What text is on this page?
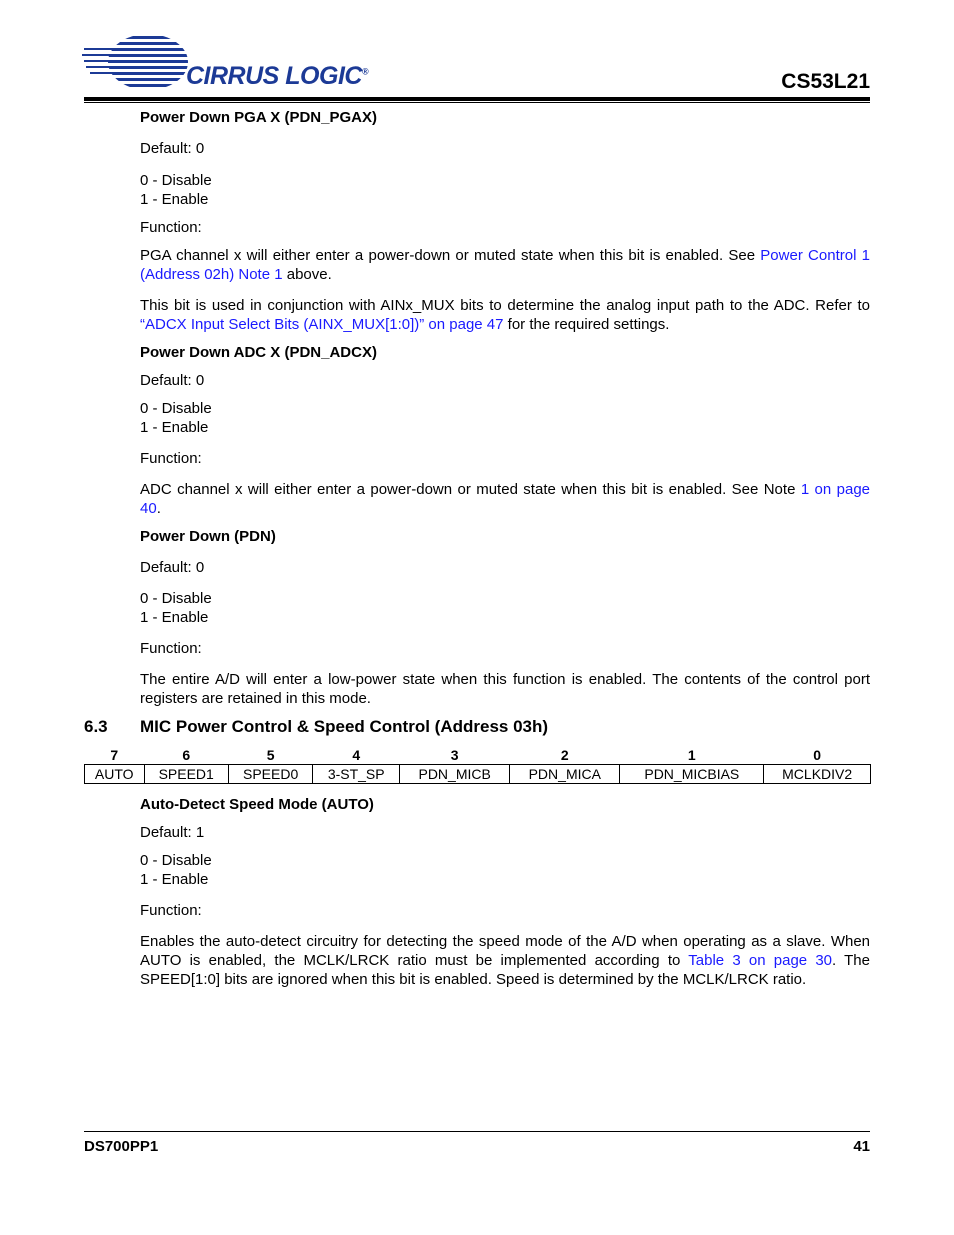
CIRRUS LOGIC®	CS53L21

Power Down PGA X (PDN_PGAX)

Default: 0

0 - Disable

1 - Enable

Function:

PGA channel x will either enter a power-down or muted state when this bit is enabled. See Power Control 1 (Address 02h) Note 1 above.

This bit is used in conjunction with AINx_MUX bits to determine the analog input path to the ADC. Refer to “ADCX Input Select Bits (AINX_MUX[1:0])” on page 47 for the required settings.

Power Down ADC X (PDN_ADCX)

Default: 0

0 - Disable

1 - Enable

Function:

ADC channel x will either enter a power-down or muted state when this bit is enabled. See Note 1 on page 40.

Power Down (PDN)

Default: 0

0 - Disable

1 - Enable

Function:

The entire A/D will enter a low-power state when this function is enabled. The contents of the control port registers are retained in this mode.

6.3 MIC Power Control & Speed Control (Address 03h)
7	6	5	4	3	2	1	0
AUTO	SPEED1	SPEED0	3-ST_SP	PDN_MICB	PDN_MICA	PDN_MICBIAS	MCLKDIV2

Auto-Detect Speed Mode (AUTO)

Default: 1

0 - Disable

1 - Enable

Function:

Enables the auto-detect circuitry for detecting the speed mode of the A/D when operating as a slave. When AUTO is enabled, the MCLK/LRCK ratio must be implemented according to Table 3 on page 30. The SPEED[1:0] bits are ignored when this bit is enabled. Speed is determined by the MCLK/LRCK ratio.

DS700PP1	41
